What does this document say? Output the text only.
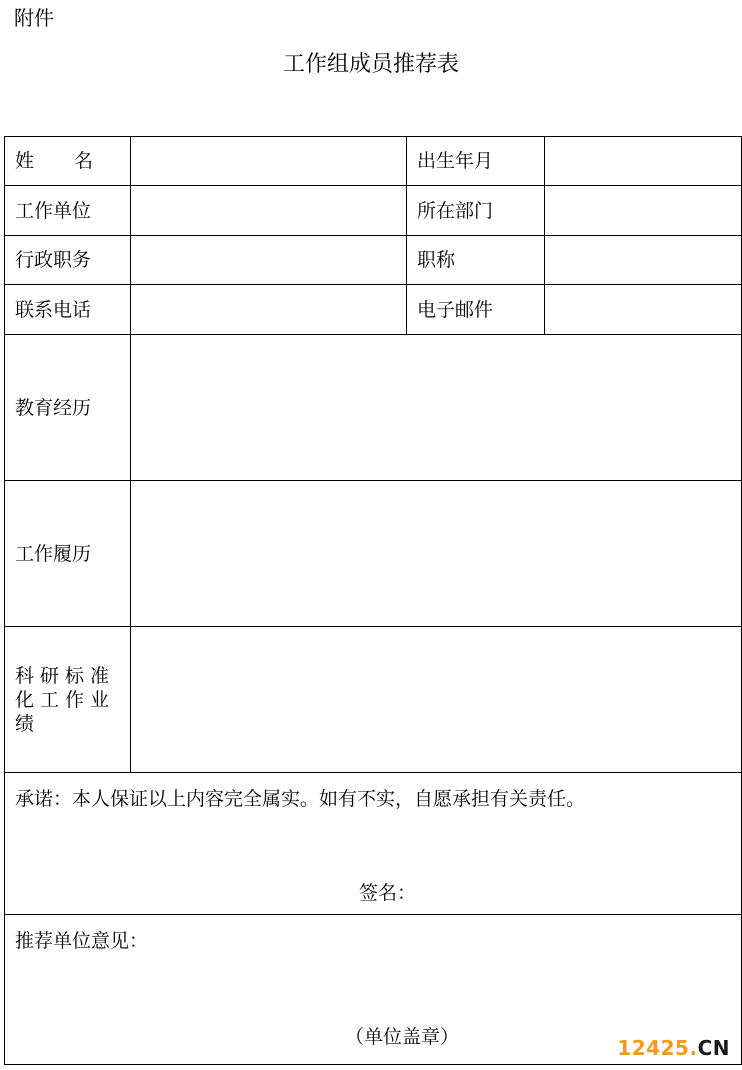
附件
工作组成员推荐表
姓 名		出生年月	
工作单位		所在部门	
行政职务		职称	
联系电话		电子邮件	
教育经历			
工作履历			

科研标准
化工作业
绩			

承诺：本人保证以上内容完全属实。如有不实，自愿承担有关责任。
签名：			

推荐单位意见：
（单位盖章）				12425.CN
